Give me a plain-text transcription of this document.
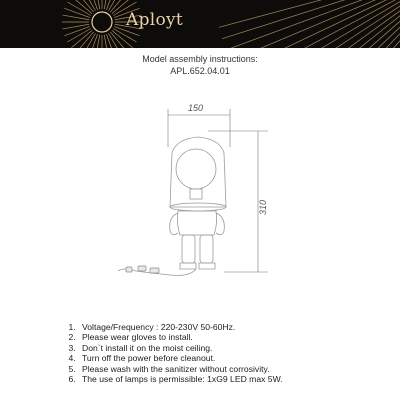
Aployt
Model assembly instructions:
APL.652.04.01
150
310
1. Voltage/Frequency : 220-230V 50-60Hz.
2. Please wear gloves to install.
3. Don`t install it on the moist ceiling.
4. Turn off the power before cleanout.
5. Please wash with the sanitizer without corrosivity.
6. The use of lamps is permissible: 1xG9 LED max 5W.
